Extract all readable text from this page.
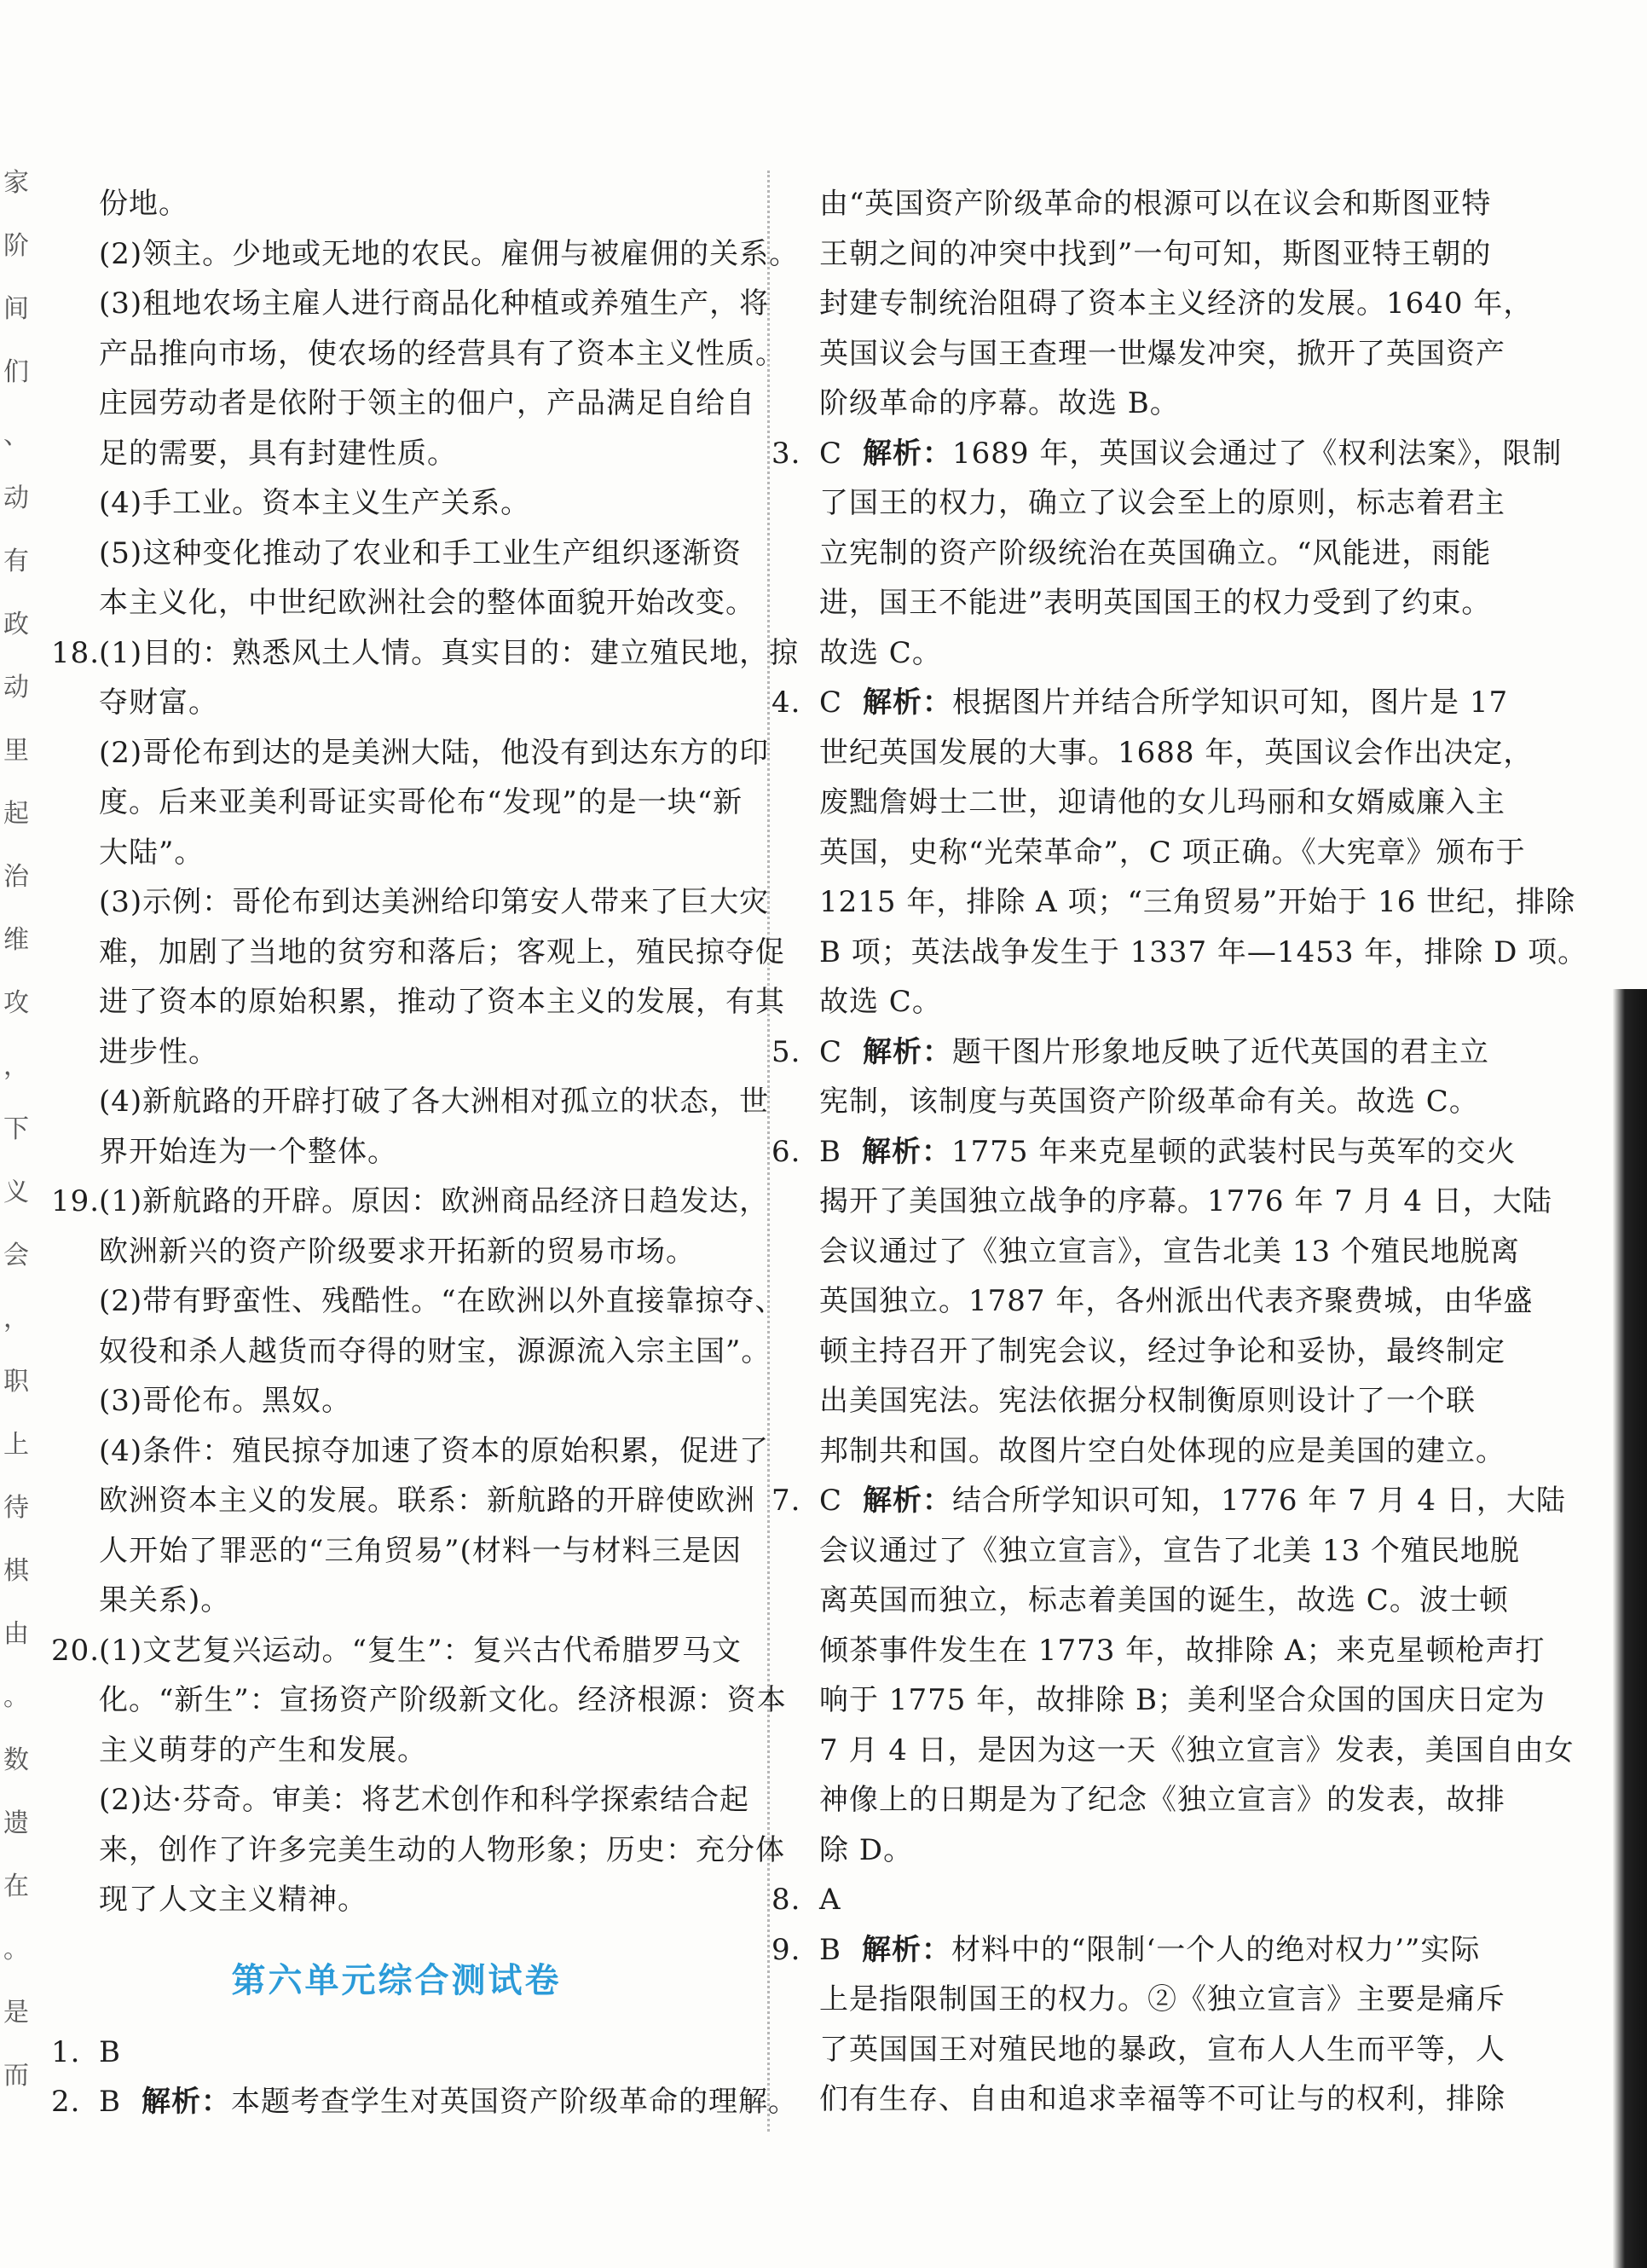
家
阶
间
们
、
动
有
政
动
里
起
治
维
攻
，
下
义
会
，
职
上
待
棋
由
。
数
遗
在
。
是
而
份地。
(2)领主。少地或无地的农民。雇佣与被雇佣的关系。
(3)租地农场主雇人进行商品化种植或养殖生产，将
产品推向市场，使农场的经营具有了资本主义性质。
庄园劳动者是依附于领主的佃户，产品满足自给自
足的需要，具有封建性质。
(4)手工业。资本主义生产关系。
(5)这种变化推动了农业和手工业生产组织逐渐资
本主义化，中世纪欧洲社会的整体面貌开始改变。
18.(1)目的：熟悉风土人情。真实目的：建立殖民地，掠
夺财富。
(2)哥伦布到达的是美洲大陆，他没有到达东方的印
度。后来亚美利哥证实哥伦布“发现”的是一块“新
大陆”。
(3)示例：哥伦布到达美洲给印第安人带来了巨大灾
难，加剧了当地的贫穷和落后；客观上，殖民掠夺促
进了资本的原始积累，推动了资本主义的发展，有其
进步性。
(4)新航路的开辟打破了各大洲相对孤立的状态，世
界开始连为一个整体。
19.(1)新航路的开辟。原因：欧洲商品经济日趋发达，
欧洲新兴的资产阶级要求开拓新的贸易市场。
(2)带有野蛮性、残酷性。“在欧洲以外直接靠掠夺、
奴役和杀人越货而夺得的财宝，源源流入宗主国”。
(3)哥伦布。黑奴。
(4)条件：殖民掠夺加速了资本的原始积累，促进了
欧洲资本主义的发展。联系：新航路的开辟使欧洲
人开始了罪恶的“三角贸易”(材料一与材料三是因
果关系)。
20.(1)文艺复兴运动。“复生”：复兴古代希腊罗马文
化。“新生”：宣扬资产阶级新文化。经济根源：资本
主义萌芽的产生和发展。
(2)达·芬奇。审美：将艺术创作和科学探索结合起
来，创作了许多完美生动的人物形象；历史：充分体
现了人文主义精神。
第六单元综合测试卷
1. B
2. B 解析：本题考查学生对英国资产阶级革命的理解。
由“英国资产阶级革命的根源可以在议会和斯图亚特
王朝之间的冲突中找到”一句可知，斯图亚特王朝的
封建专制统治阻碍了资本主义经济的发展。1640 年，
英国议会与国王查理一世爆发冲突，掀开了英国资产
阶级革命的序幕。故选 B。
3. C 解析：1689 年，英国议会通过了《权利法案》，限制
了国王的权力，确立了议会至上的原则，标志着君主
立宪制的资产阶级统治在英国确立。“风能进，雨能
进，国王不能进”表明英国国王的权力受到了约束。
故选 C。
4. C 解析：根据图片并结合所学知识可知，图片是 17
世纪英国发展的大事。1688 年，英国议会作出决定，
废黜詹姆士二世，迎请他的女儿玛丽和女婿威廉入主
英国，史称“光荣革命”，C 项正确。《大宪章》颁布于
1215 年，排除 A 项；“三角贸易”开始于 16 世纪，排除
B 项；英法战争发生于 1337 年—1453 年，排除 D 项。
故选 C。
5. C 解析：题干图片形象地反映了近代英国的君主立
宪制，该制度与英国资产阶级革命有关。故选 C。
6. B 解析：1775 年来克星顿的武装村民与英军的交火
揭开了美国独立战争的序幕。1776 年 7 月 4 日，大陆
会议通过了《独立宣言》，宣告北美 13 个殖民地脱离
英国独立。1787 年，各州派出代表齐聚费城，由华盛
顿主持召开了制宪会议，经过争论和妥协，最终制定
出美国宪法。宪法依据分权制衡原则设计了一个联
邦制共和国。故图片空白处体现的应是美国的建立。
7. C 解析：结合所学知识可知，1776 年 7 月 4 日，大陆
会议通过了《独立宣言》，宣告了北美 13 个殖民地脱
离英国而独立，标志着美国的诞生，故选 C。波士顿
倾茶事件发生在 1773 年，故排除 A；来克星顿枪声打
响于 1775 年，故排除 B；美利坚合众国的国庆日定为
7 月 4 日，是因为这一天《独立宣言》发表，美国自由女
神像上的日期是为了纪念《独立宣言》的发表，故排
除 D。
8. A
9. B 解析：材料中的“限制‘一个人的绝对权力’”实际
上是指限制国王的权力。②《独立宣言》主要是痛斥
了英国国王对殖民地的暴政，宣布人人生而平等，人
们有生存、自由和追求幸福等不可让与的权利，排除
